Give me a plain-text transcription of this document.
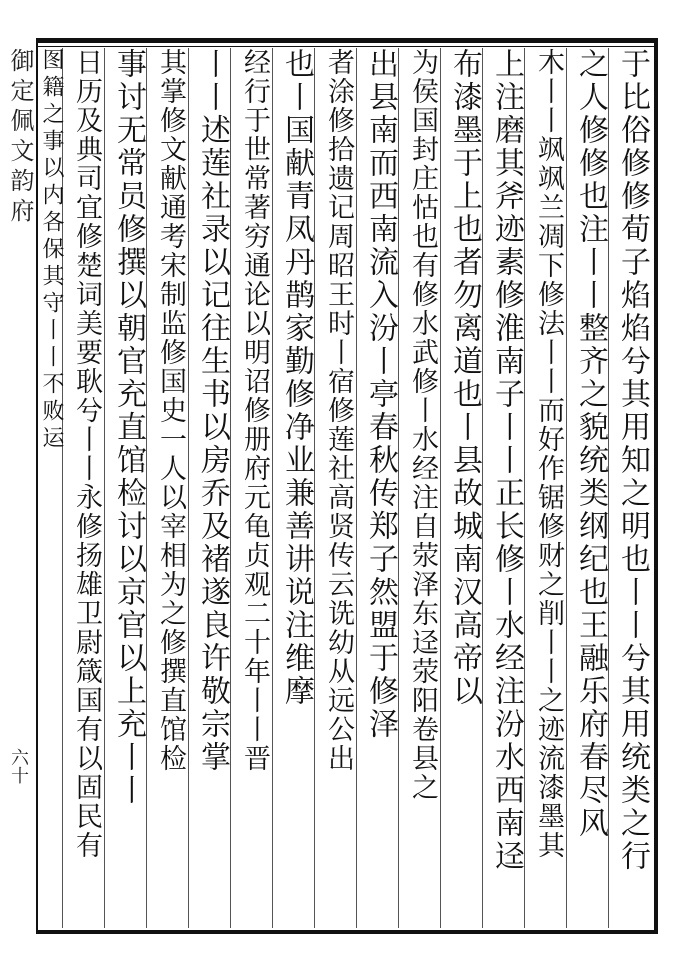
御定佩文韵府
六十	于比俗修修荀子焰焰兮其用知之明也丨丨兮其用统类之行
之人修修也注丨丨整齐之貌统类纲纪也王融乐府春尽风
木丨丨飒飒兰凋下修法丨丨而好作锯修财之削丨丨之迹流漆墨其
上注磨其斧迹素修淮南子丨丨正长修丨水经注汾水西南迳
布漆墨于上也者勿离道也丨县故城南汉高帝以
为侯国封庄怙也有修水武修丨水经注自荥泽东迳荥阳卷县之
出县南而西南流入汾丨亭春秋传郑子然盟于修泽
者涂修拾遗记周昭王时丨宿修莲社高贤传云诜幼从远公出
也丨国献青凤丹鹊家勤修净业兼善讲说注维摩
经行于世常著穷通论以明诏修册府元龟贞观二十年丨丨晋
丨丨述莲社录以记往生书以房乔及褚遂良许敬宗掌
其掌修文献通考宋制监修国史一人以宰相为之修撰直馆检
事讨无常员修撰以朝官充直馆检讨以京官以上充丨丨
日历及典司宜修楚词美要耿兮丨丨永修扬雄卫尉箴国有以固民有
图籍之事以内各保其守丨丨不败运
